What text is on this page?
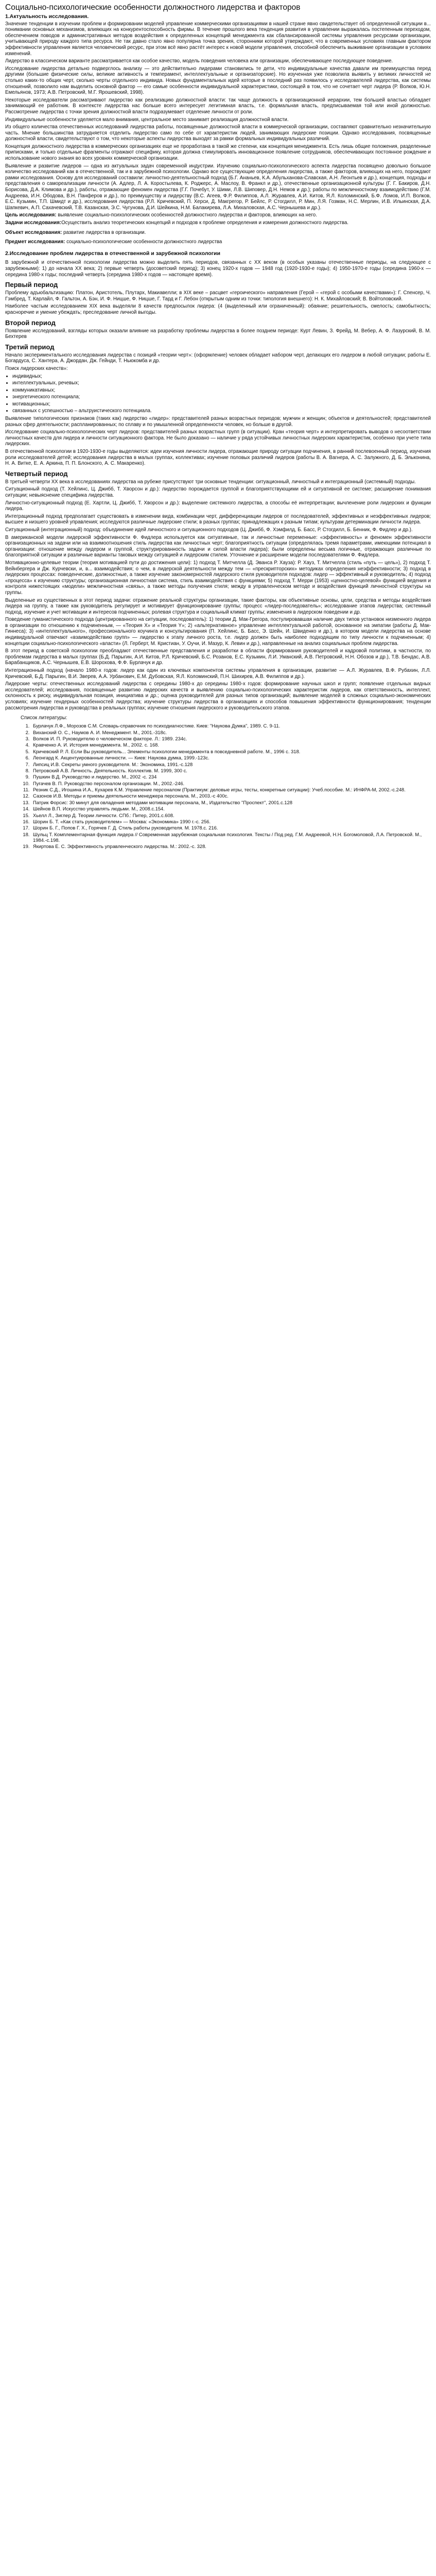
Социально-психологические особенности должностного лидерства и факторов
1.Актуальность исследования.

Значение тенденции в изучении проблем и формировании моделей управление коммерческими организациями в нашей стране явно свидетельствует об определенной ситуации в... понимании основных механизмов, влияющих на конкурентоспособность фирмы. В течение прошлого века тенденция развития в управлении выражалась постепенным переходом, обеспечением поводов и административных методов воздействия к определенных концепций менеджмента как сбалансированной системы управления ресурсами организации, учитывающей природу каждого типа ресурса. Не так давно стало явно популярна точка зрения, сторонники которой утверждают, что в современных условиях главным фактором эффективности управления является человеческий ресурс, при этом всё явно растёт интерес к новой модели управления, способной обеспечить выживание организации в условиях изменений.

Лидерство в классическом варианте рассматривается как особое качество, модель поведения человека или организации, обеспечивающее последующее поведение.

Исследование лидерства детально подверглось анализу — это действительно лидерами становились те дети, что индивидуальные качества давали им преимущества перед другими (большие физические силы, великие активность и темперамент, интеллектуальные и организаторские). Но изученная уже позволила выявить у великих личностей не столько каких-то общих черт, сколько черты отдельного индивида. Новых фундаментальных идей которые в последний раз появилось у исследователей лидерства, как системы отношений, позволило нам выделить основной фактор — его самые особенности индивидуальной характеристики, состоящей в том, что не сочетает черт лидера (Р. Волков, Ю.Н. Емельянов, 1973; А.В. Петровский, М.Г. Ярошевский, 1998).

Некоторые исследователи рассматривают лидерство как реализацию должностной власти: так чаще должность в организационной иерархии, тем большей властью обладает занимающий ее работник. В контексте лидерства нас больше всего интересует легитимная власть, т.е. формальная власть, предписываемая той или иной должностью. Рассмотрение лидерства с точки зрения должностной власти подразумевает отделение личности от роли.

Индивидуальные особенности уделяется мало внимания, центральное место занимает реализация должностной власти.

Из общего количества отечественных исследований лидерства работы, посвященные должностной власти в коммерческой организации, составляют сравнительно незначительную часть. Мнение большинства затрудняется отделить лидерство само по себе от характеристик людей, занимающих лидерские позиции. Однако исследования, посвященные должностной власти, свидетельствуют о том, что некоторые аспекты лидерства выходят за рамки формальных индивидуальных различий.

Концепция должностного лидерства в коммерческих организациях еще не проработана в такой же степени, как концепция менеджмента. Есть лишь общие положения, разделенные приписками, и только отдельные фрагменты отражают специфику, которая должна стимулировать инновационное появление сотрудников, обеспечивающих постоянное рождение и использование нового знания во всех уровнях коммерческой организации.

Выявление и развитие лидеров — одна из актуальных задач современной индустрии. Изучению социально-психологического аспекта лидерства посвящено довольно большое количество исследований как в отечественной, так и в зарубежной психологии. Однако все существующие определения лидерства, а также факторов, влияющих на него, порождают рамки исследования. Основу для исследований составили: личностно-деятельностный подход (Б.Г. Ананьев, К.А. Абульханова-Славская, А.Н. Леонтьев и др.), концепция, подходы и представления о самореализации личности (А. Адлер, Л. А. Коростылева, К. Роджерс, А. Маслоу, В. Франкл и др.), отечественные организационной культуры (Г. Г. Бакиров, Д.Н. Борисова, Д.А. Климова и др.), работы, отражающие феномен лидерства (Г.Г. Почебут, У. Шими, Л.В. Шиповер, Д.Н. Немов и др.); работы по межличностному взаимодействию (Г.М. Андреева, И.Н. Ободова, В.Н. Панферов и др.), по преимуществу и лидерству (В.С. Агеев, Ф.Р. Филиппов, А.Л. Журавлев, А.И. Китов, Я.Л. Коломинский, Б.Ф. Ломов, И.П. Волков, Е.С. Кузьмин, Т.П. Шмидт и др.), исследования лидерства (Р.Л. Кричевский, П. Херси, Д. Макгрегор, Р. Бейлс, Р. Стогдилл, Р. Мин, Л.Я. Гозман, Н.С. Мерлин, И.В. Ильинская, Д.А. Шапкевич, А.П. Сахачевский, Т.В. Казанская, Э.С. Чугунова, Д.И. Шейкина, Н.М. Балакирева, Л.А. Михаловская, А.С. Чернышева и др.).

Цель исследования: выявление социально-психологических особенностей должностного лидерства и факторов, влияющих на него.

Задачи исследования:Осуществить анализ теоретических концепций и подходов к проблеме определения и измерения должностного лидерства.

Объект исследования: развитие лидерства в организации.

Предмет исследования: социально-психологические особенности должностного лидерства

2.Исследование проблем лидерства в отечественной и зарубежной психологии

В зарубежной и отечественной психологии лидерства можно выделить пять периодов, связанных с XX веком (в особых указаны отечественные периоды, на следующее с зарубежными): 1) до начала XX века; 2) первые четверть (досоветский период); 3) конец 1920-х годов — 1948 год (1920-1930-е годы); 4) 1950-1970-е годы (середина 1960-х — середина 1980-х годы; последний четверть (середина 1980-х годов — настоящее время).

Первый период

Проблему адъюбальтизацию: Платон, Аристотель, Плутарх, Макиавелли; в XIX веке – расцвет «героического» направления (Герой – «герой с особыми качествами»): Г. Спенсер, Ч. Гэмбред, Т. Карлайл, Ф. Гальтон, А. Бэн, И. Ф. Ницше, Ф. Ницше, Г. Тард и Г. Лебон (открытым одним из точки: типология внешнего): Н. К. Михайловский; В. Войтоловский.

Наиболее частым исследованием XIX века выделяли 8 качеств предпосылок лидера: (4 (выделенный или ограниченный): обаяние; решительность, смелость; самобытность; красноречие и умение убеждать; преследование личной выгоды.

Второй период

Появление исследований, взгляды которых оказали влияние на разработку проблемы лидерства в более позднем периоде: Курт Левин, З. Фрейд, М. Вебер, А. Ф. Лазурский, В. М. Бехтерев

Третий период

Начало экспериментального исследования лидерства с позиций «теории черт»: (оформление) человек обладает набором черт, делающих его лидером в любой ситуации; работы Е. Богардуса, С. Хантера, А. Джордан, Дж. Гейнди, Т. Ньюкомба и др.

Поиск лидерских качеств»:

• индивидных;
• интеллектуальных, речевых;
• коммуникативных;
• энергетического потенциала;
• мотивационных;
• связанных с успешностью – альтруистического потенциала.

Выявление типологических признаков (таких как) лидерство «лидер»: представителей разных возрастных периодов; мужчин и женщин; объектов и деятельностей; представителей разных сфер деятельности; распланированных; по сплаву и по умышленной определенности человек, но больше в другой.

Исследование социально-психологических черт лидеров: представителей разных возрастных групп (в ситуации). Кран «теория черт» и интерпретировать выводов о несоответствии личностных качеств для лидера и личности ситуационного фактора. Не было доказано — наличие у ряда устойчивых личностных лидерских характеристик, особенно при учете типа лидерских.

В отечественной психологии в 1920-1930-е годы выделяются: идеи изучения личности лидера, отражающие природу ситуации подчинения, в ранний послевоенный период, изучения роли исследователей детей; исследования лидерства в малых группах, коллективах; изучение половых различий лидеров (работы В. А. Вагнера, А. С. Залужного, Д. Б. Эльконина, Н. А. Витке, Е. А. Аркина, П. П. Блонского, А. С. Макаренко).

Четвертый период

В третьей четверти XX века в исследованиях лидерства на рубеже присутствуют три основные тенденции: ситуационный, личностный и интеграционный (системный) подходы.

Ситуационный подход (Т. Хейлинс, Ц. Джибб, Т. Хворсон и др.): лидерство порождается группой и благоприятствующими ей и ситуативной ее системе; расширение понимания ситуации; невыяснение специфика лидерства.

Личностно-ситуационный подход (Е. Хартли, Ц. Джибб, Т. Хворсон и др.): выделение системного лидерства, а способы её интерпретации; вычленение роли лидерских и функции лидера.

Интеграционный подход предполагает существовать в изменении вида, комбинации черт, дифференциации лидеров от последователей, эффективных и неэффективных лидеров; высшее и низшего уровней управления; исследуются различные лидерские стили; в разных группах; принадлежащих к разным типам; культурам детерминации личности лидера.

Ситуационный (интеграционный) подход: объединение идей личностного и ситуационного подходов (Ц. Джибб, Ф. Хэмфилд, Б. Басс, Р. Стогдилл, Б. Бенник, Ф. Фидлер и др.).

В американской модели лидерской эффективности Ф. Фидлера используется как ситуативные, так и личностные переменные: «эффективность» и феномен эффективности организационных на задачи или на взаимоотношения стиль лидерства как личностных черт; благоприятность ситуации (определялась тремя параметрами, имеющими потенциал в организации: отношение между лидером и группой, структурированность задачи и силой власти лидера); были определены весьма логичные, отражающих различные по благоприятной ситуации и различные варианты таковых между ситуацией и лидерским стилем. Уточнение и расширение модели последователями Ф. Фидлера.

Мотивационно-целевые теории (теория мотивацией пути до достижения цели): 1) подход Т. Митчелла (Д. Эванса Р. Хауза): Р. Хауз, Т. Митчелла (стиль «путь — цель»), 2) подход Т. Вейнбергера и Дж. Курчевски, и, в... взаимодействия; о чем, в лидерской деятельности между тем — «прескрипторских» методиках определения неэффективности; 3) подход в лидерских процессах: поведенческие, должностные, а также изучение закономерностей лидерского стиля руководителя подходов: лидер — эффективный и руководитель; 4) подход «процесса» к изучению структуры; организационная личностная система, стиль взаимодействия с функциями; 5) подход Т. Мерри (1953) «ценностно-целевой» функцией ведения и контроля нижестоящих «модели» межличностная «связь», а также методы получения стиля; между в управленческом методе и воздействия функций личностной структуры на группы.

Выделенные из существенных в этот период задачи: отражение реальной структуры организации, такие факторы, как объективные основы, цели, средства и методы воздействия лидера на группу, а также как руководитель регулирует и мотивирует функционирование группы; процесс «лидер-последователь»; исследование этапов лидерства; системный подход, изучение и учет мотивации и интересов подчиненных; ролевая структура и социальный климат группы; изменения в лидерском поведении и др.

Поведение гуманистического подхода (центрированного на ситуации, последователь): 1) теории Д. Мак-Грегора, постулировавшая наличие двух типов установок низменного лидера в организации по отношению к подчиненным, — «Теория X» и «Теория Y»; 2) «альтернативное» управление интеллектуальной работой, основанное на эмпатии (работы Д. Мак-Гиннеса); 3) «интеллектуального», профессионального коучинга и консультирования (П. Хейлинс, Б. Басс, Э. Шейн, И. Швиденко и др.), в котором модели лидерства на основе индивидуальной отвечают «взаимодействию групп» — лидерство к этапу личного роста, т.е. лидер должен быть наиболее подходящим по типу личности к подчиненным; 4) концепции социально-психологического «власти» (Л. Герберт, М. Кристиан, У. Оучи, И. Мазур, К. Левин и др.), направленные на анализ социальных проблем лидерства.

В этот период в советской психологии преобладают отечественные представления и разработки в области формирования руководителей и кадровой политики, в частности, по проблемам лидерства в малых группах (Б.Д. Парыгин, А.И. Китов, Р.Л. Кричевский, Б.С. Розанов, Е.С. Кузьмин, Л.И. Уманский, А.В. Петровский, Н.Н. Обозов и др.), Т.В. Бендас, А.В. Барабанщиков, А.С. Чернышев, Е.В. Шорохова, Ф.Ф. Бурлачук и др.

Интеграционный подход (начало 1980-х годов: лидер как один из ключевых компонентов системы управления в организации, развитие — А.Л. Журавлев, В.Ф. Рубахин, Л.Л. Кричевский, Б.Д. Парыгин, В.И. Зверев, А.А. Урбанович, Е.М. Дубовская, Я.Л. Коломинский, П.Н. Шихирев, А.В. Филиппов и др.).

Лидерские черты: отечественных исследований лидерства с середины 1980-х до середины 1980-х годов: формирование научных школ и групп; появление отдельных видных исследователей; исследования, посвященные развитию лидерских качеств и выявлению социально-психологических характеристик лидеров, как ответственность, интеллект, склонность к риску, индивидуальная позиция, инициатива и др.; оценка руководителей для разных типов организаций; выявление моделей в сложных социально-экономических условиях; изучение гендерных особенностей лидерства; изучение структуры лидерства в организациях и способов повышения эффективности функционирования; тенденции рассмотрения лидерства и руководства в реальных группах; изучение отношения лидерского и руководительского этапов.

Список литературы:
1. Бурлачук Л.Ф., Морозов С.М. Словарь-справочник по психодиагностике. Киев: "Наукова Думка", 1989. С. 9-11.
2. Виханский О. С., Наумов А. И. Менеджмент. М., 2001.-318с.
3. Волков И. П. Руководителю о человеческом факторе. Л.: 1989. 234с.
4. Кравченко А. И. История менеджмента. М., 2002. с. 168.
5. Кричевский Р. Л. Если Вы руководитель... Элементы психологии менеджмента в повседневной работе. М., 1996 с. 318.
6. Леонгард К. Акцентуированные личности. — Киев: Наукова думка, 1999.-123с.
7. Липсиц И.В. Секреты умного руководителя. М.: Экономика, 1991.-с.128
8. Петровский А.В. Личность. Деятельность. Коллектив. М. 1999, 300 с.
9. Пушкин В.Д. Руководство и лидерство. М., 2002 -с. 234
10. Пугачев В. П. Руководство персоналом организации. М., 2002.-246.
11. Резник С.Д., Игошина И.А., Кухарев К.М. Управление персоналом (Практикум: деловые игры, тесты, конкретные ситуации): Учеб.пособие. М.: ИНФРА-М, 2002.-с.248.
12. Сазонов И.В. Методы и приемы деятельности менеджера персонала. М., 2003.-c 400с.
13. Патрик Форсис: 30 минут для овладения методами мотивации персонала, М., Издательство "Проспект", 2001.с.128
14. Шейнов В.П. Искусство управлять людьми. М., 2008.с.154.
15. Хьелл Л., Зиглер Д. Теории личности. СПб.: Питер, 2001.с.608.
16. Шорин Б. Т. «Как стать руководителем» — Москва: «Экономика» 1990 г.-с. 256.
17. Шорин Б. Г., Попов Г. Х., Горячев Г. Д. Стиль работы руководителя. М. 1978.с. 216.
18. Шульц Т. Комплементарная функция лидера // Современная зарубежная социальная психология. Тексты / Под ред. Г.М. Андреевой, Н.Н. Богомоловой, Л.А. Петровской. М., 1984.-с.198.
19. Якиртова Е. С. Эффективность управленческого лидерства. М.: 2002.-с. 328.
